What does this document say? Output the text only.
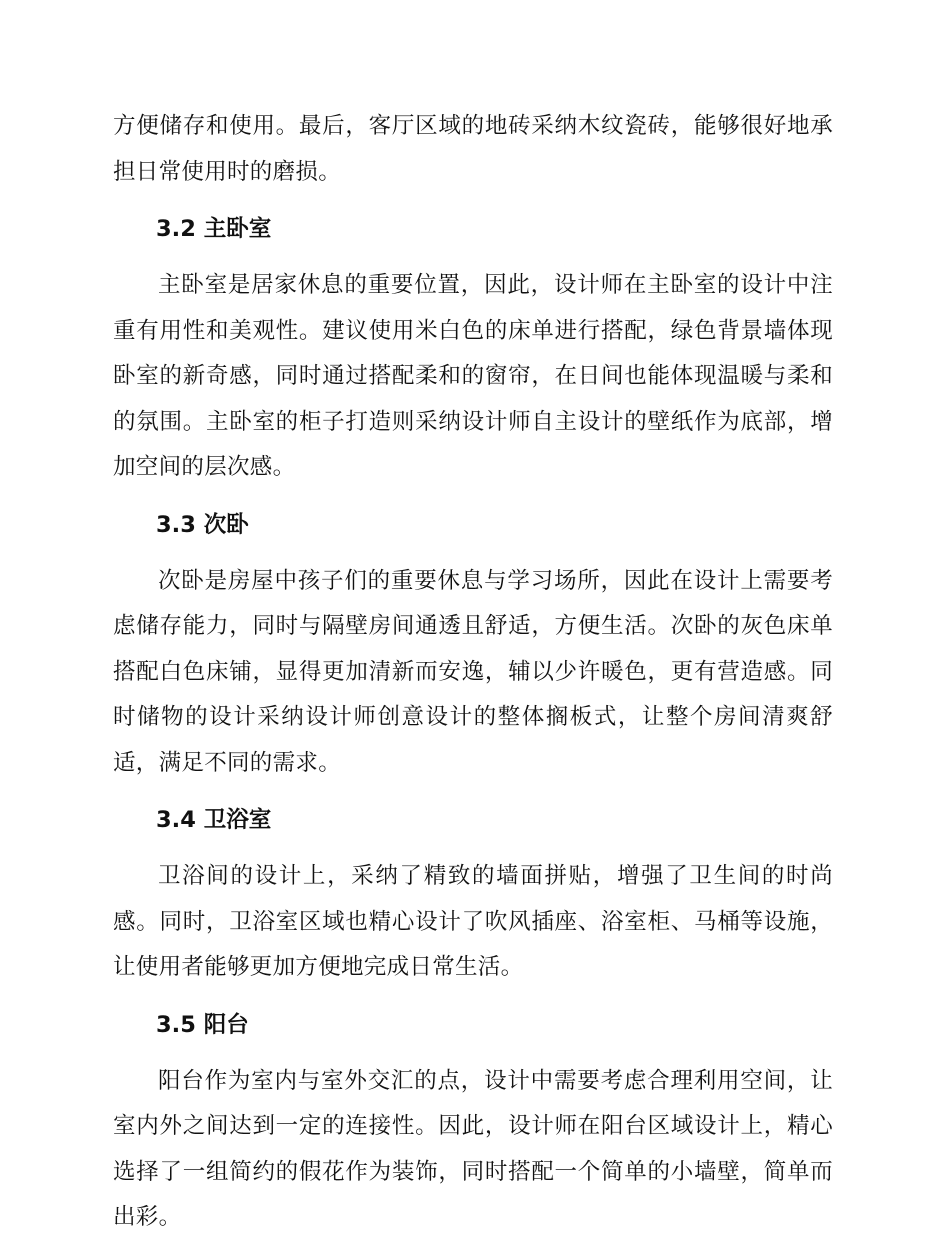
方便储存和使用。最后，客厅区域的地砖采纳木纹瓷砖，能够很好地承担日常使用时的磨损。

3.2 主卧室

主卧室是居家休息的重要位置，因此，设计师在主卧室的设计中注重有用性和美观性。建议使用米白色的床单进行搭配，绿色背景墙体现卧室的新奇感，同时通过搭配柔和的窗帘，在日间也能体现温暖与柔和的氛围。主卧室的柜子打造则采纳设计师自主设计的壁纸作为底部，增加空间的层次感。

3.3 次卧

次卧是房屋中孩子们的重要休息与学习场所，因此在设计上需要考虑储存能力，同时与隔壁房间通透且舒适，方便生活。次卧的灰色床单搭配白色床铺，显得更加清新而安逸，辅以少许暖色，更有营造感。同时储物的设计采纳设计师创意设计的整体搁板式，让整个房间清爽舒适，满足不同的需求。

3.4 卫浴室

卫浴间的设计上，采纳了精致的墙面拼贴，增强了卫生间的时尚感。同时，卫浴室区域也精心设计了吹风插座、浴室柜、马桶等设施，让使用者能够更加方便地完成日常生活。

3.5 阳台

阳台作为室内与室外交汇的点，设计中需要考虑合理利用空间，让室内外之间达到一定的连接性。因此，设计师在阳台区域设计上，精心选择了一组简约的假花作为装饰，同时搭配一个简单的小墙壁，简单而出彩。
